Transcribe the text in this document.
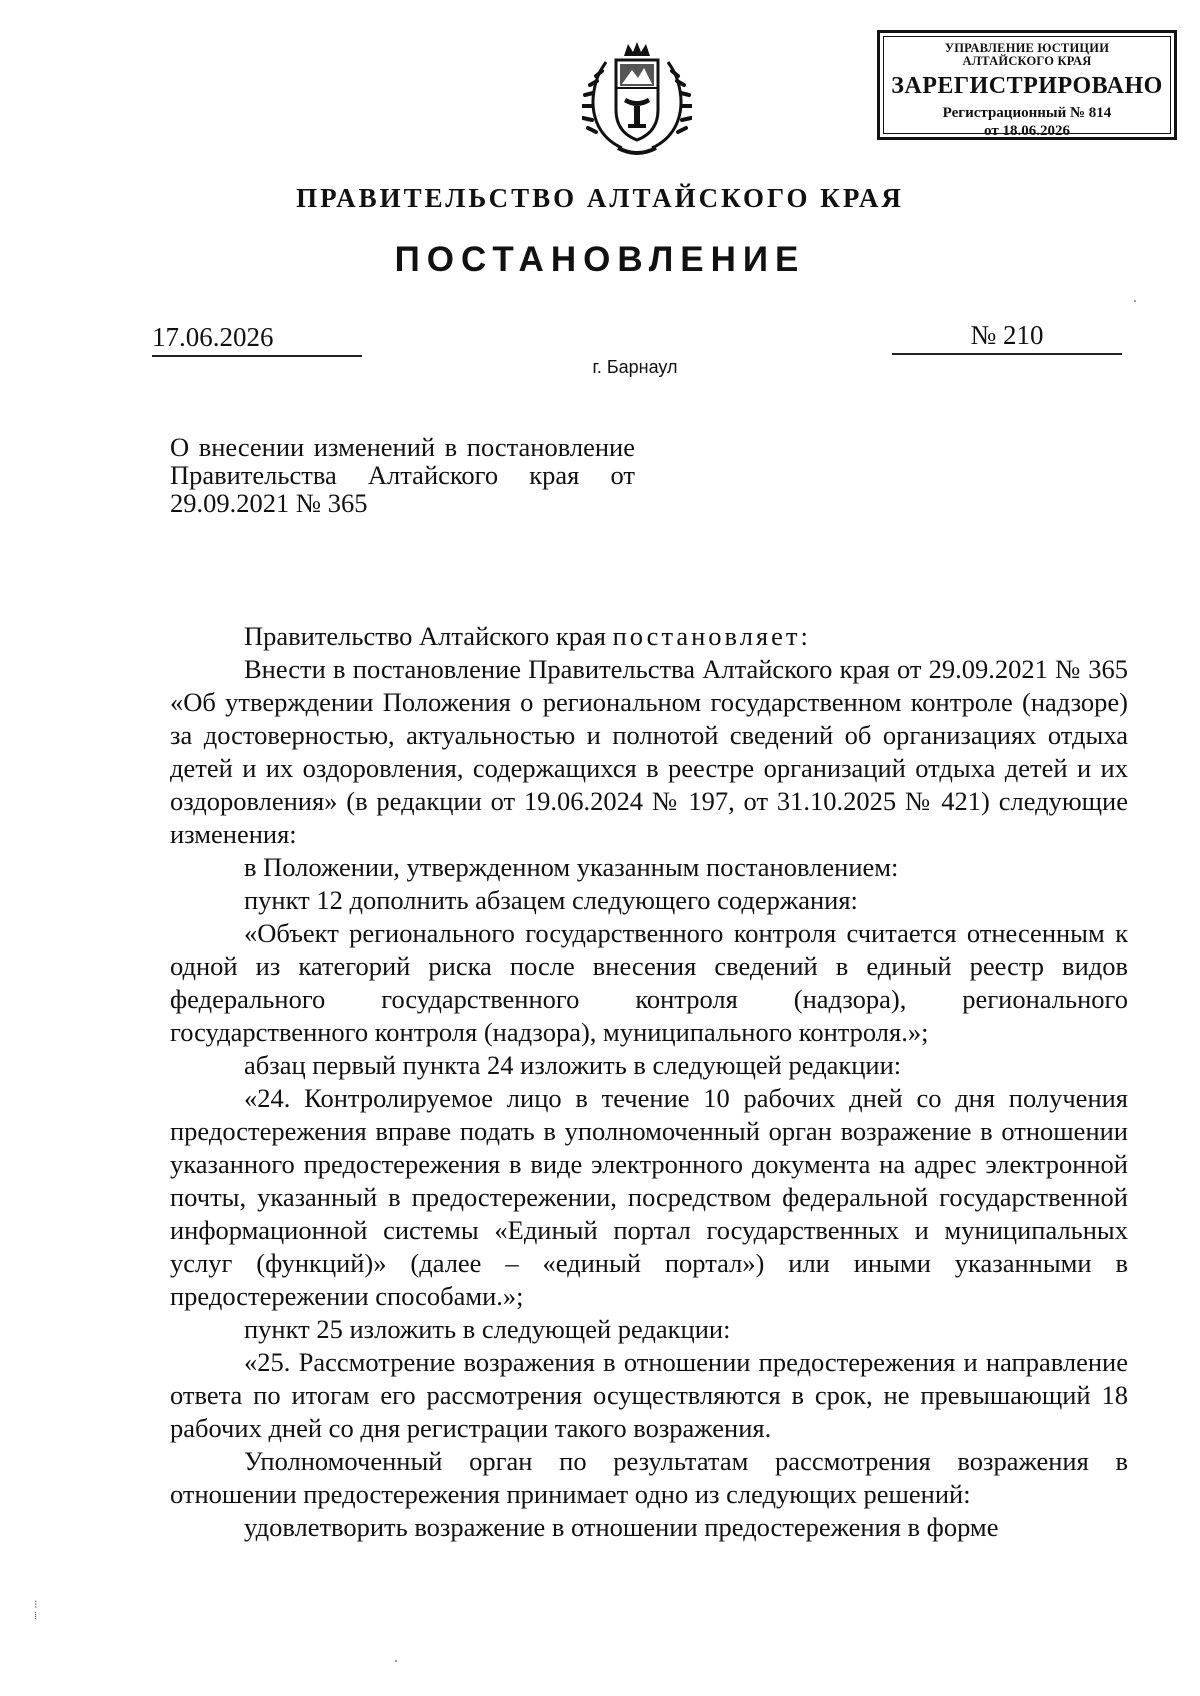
УПРАВЛЕНИЕ ЮСТИЦИИ
АЛТАЙСКОГО КРАЯ
ЗАРЕГИСТРИРОВАНО
Регистрационный № 814
от 18.06.2026
ПРАВИТЕЛЬСТВО АЛТАЙСКОГО КРАЯ
ПОСТАНОВЛЕНИЕ
17.06.2026	№ 210
г. Барнаул
О внесении изменений в постановление Правительства Алтайского края от 29.09.2021 № 365

Правительство Алтайского края постановляет:

Внести в постановление Правительства Алтайского края от 29.09.2021 № 365 «Об утверждении Положения о региональном государственном контроле (надзоре) за достоверностью, актуальностью и полнотой сведений об организациях отдыха детей и их оздоровления, содержащихся в реестре организаций отдыха детей и их оздоровления» (в редакции от 19.06.2024 № 197, от 31.10.2025 № 421) следующие изменения:

в Положении, утвержденном указанным постановлением:

пункт 12 дополнить абзацем следующего содержания:

«Объект регионального государственного контроля считается отнесенным к одной из категорий риска после внесения сведений в единый реестр видов федерального государственного контроля (надзора), регионального государственного контроля (надзора), муниципального контроля.»;

абзац первый пункта 24 изложить в следующей редакции:

«24. Контролируемое лицо в течение 10 рабочих дней со дня получения предостережения вправе подать в уполномоченный орган возражение в отношении указанного предостережения в виде электронного документа на адрес электронной почты, указанный в предостережении, посредством федеральной государственной информационной системы «Единый портал государственных и муниципальных услуг (функций)» (далее – «единый портал») или иными указанными в предостережении способами.»;

пункт 25 изложить в следующей редакции:

«25. Рассмотрение возражения в отношении предостережения и направление ответа по итогам его рассмотрения осуществляются в срок, не превышающий 18 рабочих дней со дня регистрации такого возражения.

Уполномоченный орган по результатам рассмотрения возражения в отношении предостережения принимает одно из следующих решений:

удовлетворить возражение в отношении предостережения в форме

⁝
⁞
